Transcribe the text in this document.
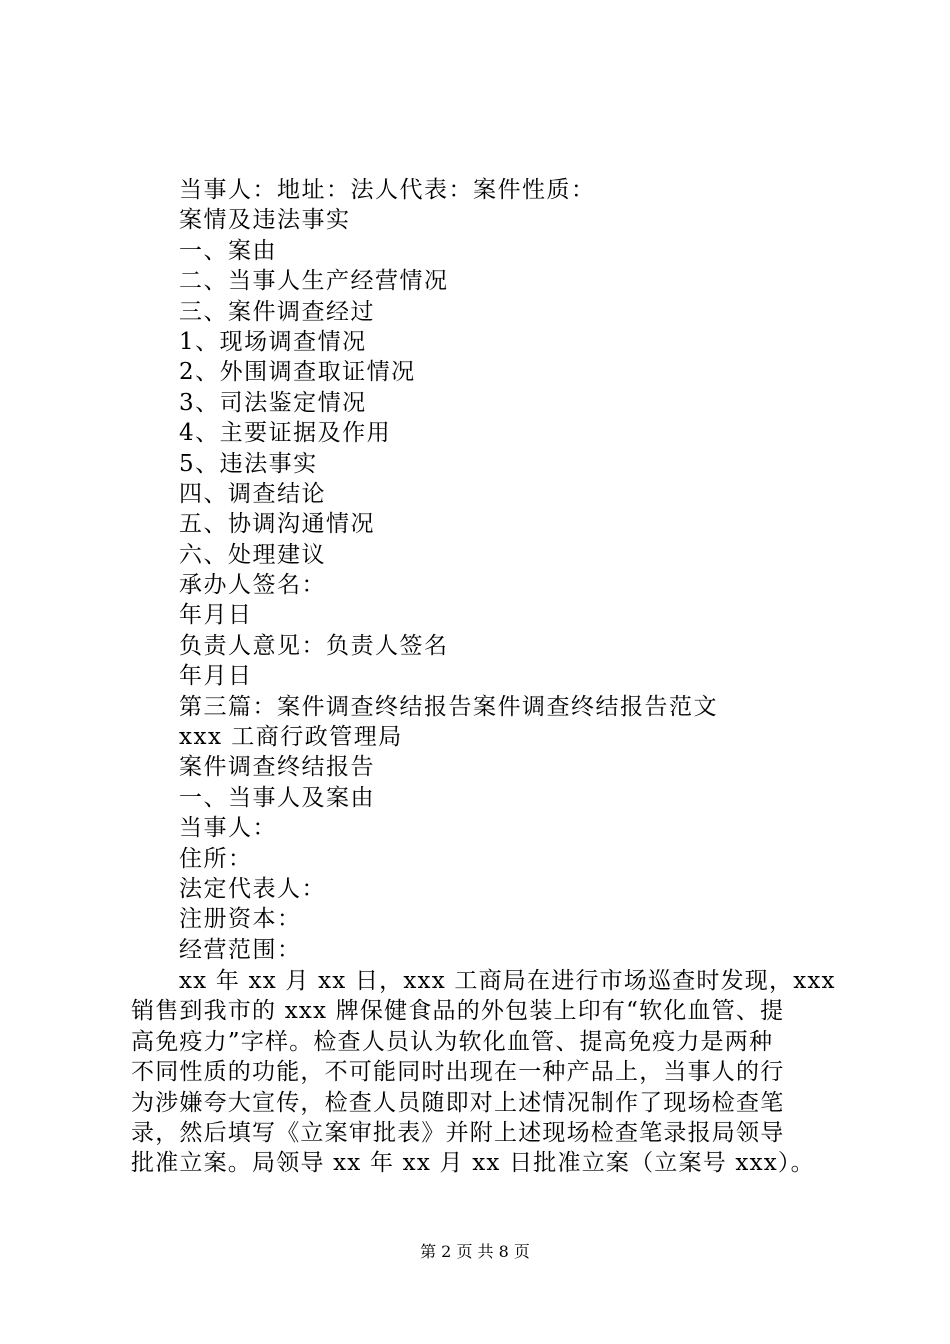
当事人：地址：法人代表：案件性质：
案情及违法事实
一、案由
二、当事人生产经营情况
三、案件调查经过
1、现场调查情况
2、外围调查取证情况
3、司法鉴定情况
4、主要证据及作用
5、违法事实
四、调查结论
五、协调沟通情况
六、处理建议
承办人签名：
年月日
负责人意见：负责人签名
年月日
第三篇：案件调查终结报告案件调查终结报告范文
xxx 工商行政管理局
案件调查终结报告
一、当事人及案由
当事人：
住所：
法定代表人：
注册资本：
经营范围：
xx 年 xx 月 xx 日，xxx 工商局在进行市场巡查时发现，xxx
销售到我市的 xxx 牌保健食品的外包装上印有“软化血管、提
高免疫力”字样。检查人员认为软化血管、提高免疫力是两种
不同性质的功能，不可能同时出现在一种产品上，当事人的行
为涉嫌夸大宣传，检查人员随即对上述情况制作了现场检查笔
录，然后填写《立案审批表》并附上述现场检查笔录报局领导
批准立案。局领导 xx 年 xx 月 xx 日批准立案（立案号 xxx）。
第 2 页 共 8 页
